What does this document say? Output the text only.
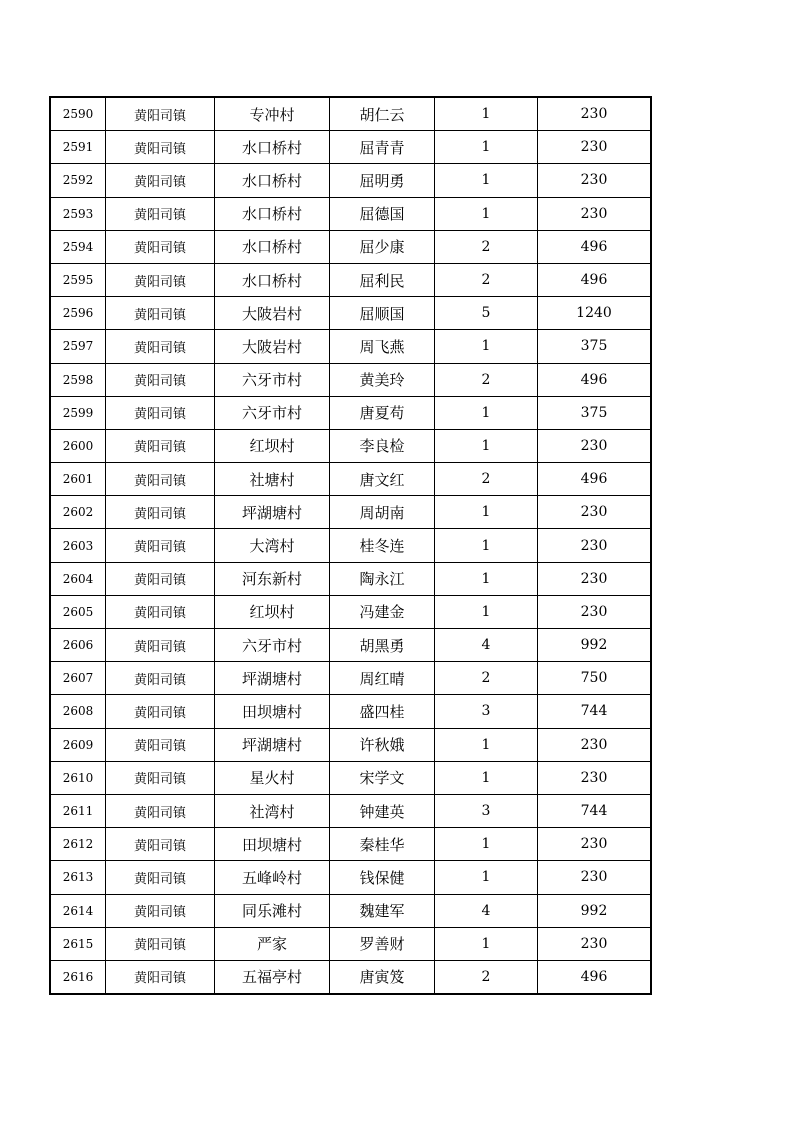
2590	黄阳司镇	专冲村	胡仁云	1	230
2591	黄阳司镇	水口桥村	屈青青	1	230
2592	黄阳司镇	水口桥村	屈明勇	1	230
2593	黄阳司镇	水口桥村	屈德国	1	230
2594	黄阳司镇	水口桥村	屈少康	2	496
2595	黄阳司镇	水口桥村	屈利民	2	496
2596	黄阳司镇	大陂岩村	屈顺国	5	1240
2597	黄阳司镇	大陂岩村	周飞燕	1	375
2598	黄阳司镇	六牙市村	黄美玲	2	496
2599	黄阳司镇	六牙市村	唐夏苟	1	375
2600	黄阳司镇	红坝村	李良检	1	230
2601	黄阳司镇	社塘村	唐文红	2	496
2602	黄阳司镇	坪湖塘村	周胡南	1	230
2603	黄阳司镇	大湾村	桂冬连	1	230
2604	黄阳司镇	河东新村	陶永江	1	230
2605	黄阳司镇	红坝村	冯建金	1	230
2606	黄阳司镇	六牙市村	胡黑勇	4	992
2607	黄阳司镇	坪湖塘村	周红晴	2	750
2608	黄阳司镇	田坝塘村	盛四桂	3	744
2609	黄阳司镇	坪湖塘村	许秋娥	1	230
2610	黄阳司镇	星火村	宋学文	1	230
2611	黄阳司镇	社湾村	钟建英	3	744
2612	黄阳司镇	田坝塘村	秦桂华	1	230
2613	黄阳司镇	五峰岭村	钱保健	1	230
2614	黄阳司镇	同乐滩村	魏建军	4	992
2615	黄阳司镇	严家	罗善财	1	230
2616	黄阳司镇	五福亭村	唐寅笈	2	496
